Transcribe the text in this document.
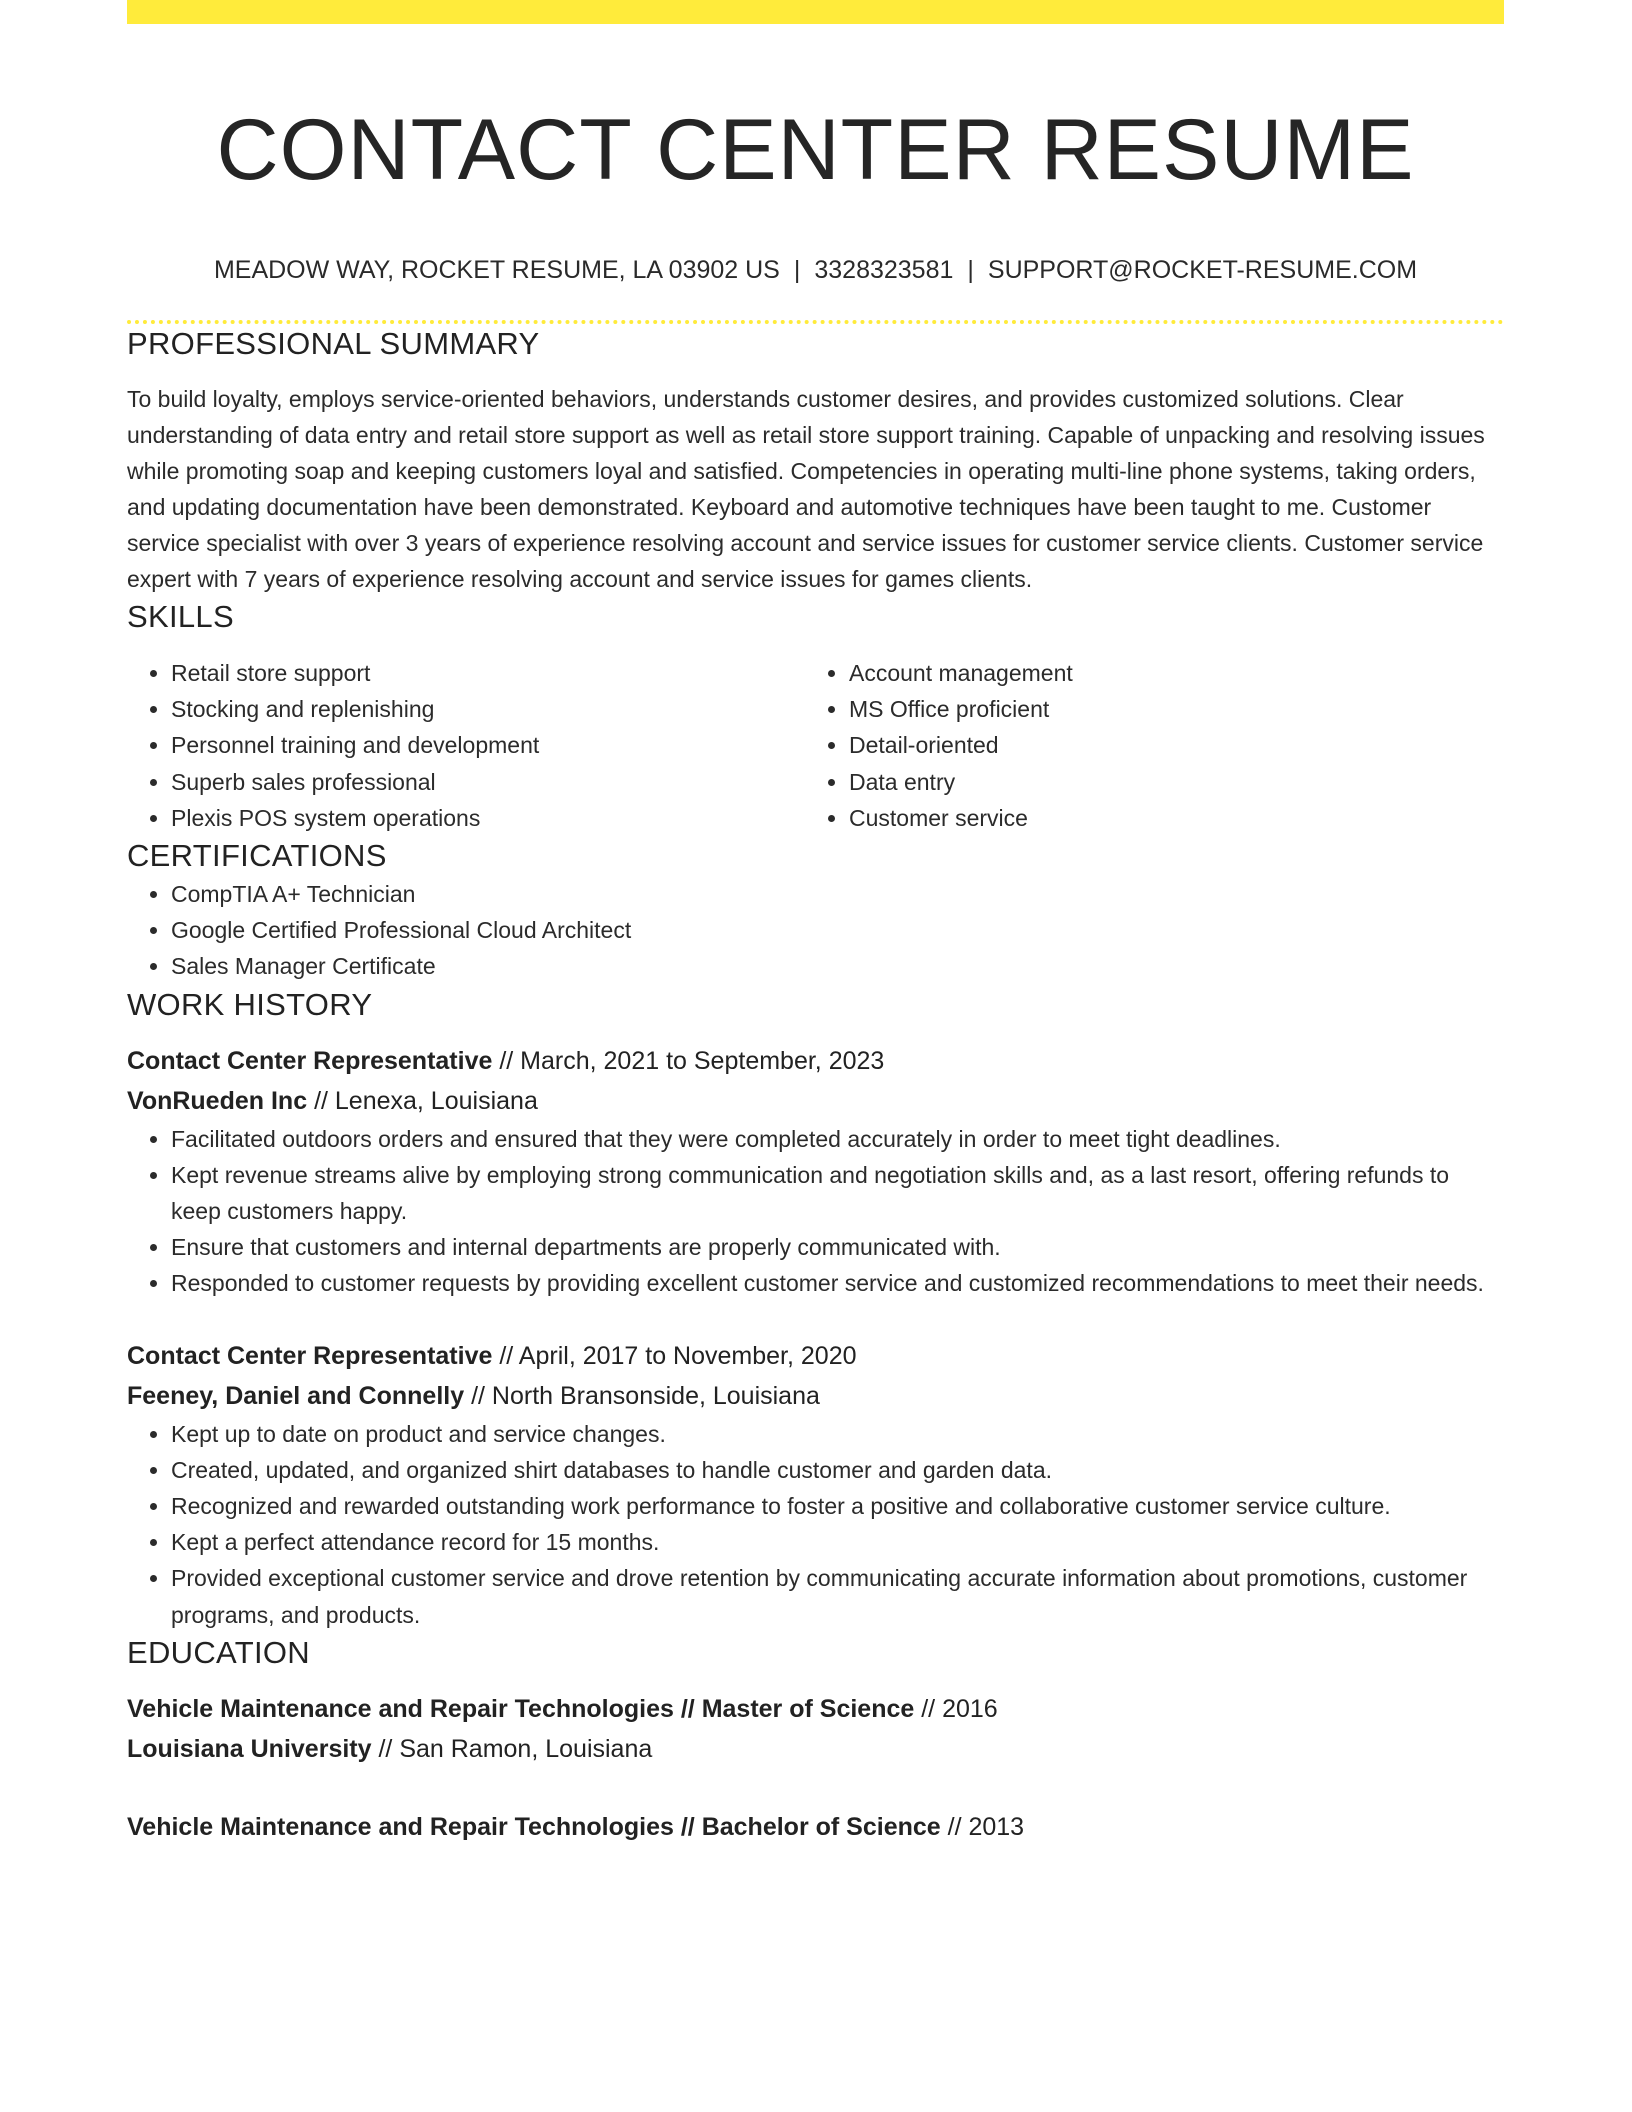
CONTACT CENTER RESUME
MEADOW WAY, ROCKET RESUME, LA 03902 US | 3328323581 | SUPPORT@ROCKET-RESUME.COM
PROFESSIONAL SUMMARY
To build loyalty, employs service-oriented behaviors, understands customer desires, and provides customized solutions. Clear understanding of data entry and retail store support as well as retail store support training. Capable of unpacking and resolving issues while promoting soap and keeping customers loyal and satisfied. Competencies in operating multi-line phone systems, taking orders, and updating documentation have been demonstrated. Keyboard and automotive techniques have been taught to me. Customer service specialist with over 3 years of experience resolving account and service issues for customer service clients. Customer service expert with 7 years of experience resolving account and service issues for games clients.
SKILLS
• Retail store support
• Stocking and replenishing
• Personnel training and development
• Superb sales professional
• Plexis POS system operations
• Account management
• MS Office proficient
• Detail-oriented
• Data entry
• Customer service
CERTIFICATIONS
• CompTIA A+ Technician
• Google Certified Professional Cloud Architect
• Sales Manager Certificate
WORK HISTORY
Contact Center Representative // March, 2021 to September, 2023
VonRueden Inc // Lenexa, Louisiana
• Facilitated outdoors orders and ensured that they were completed accurately in order to meet tight deadlines.
• Kept revenue streams alive by employing strong communication and negotiation skills and, as a last resort, offering refunds to keep customers happy.
• Ensure that customers and internal departments are properly communicated with.
• Responded to customer requests by providing excellent customer service and customized recommendations to meet their needs.
Contact Center Representative // April, 2017 to November, 2020
Feeney, Daniel and Connelly // North Bransonside, Louisiana
• Kept up to date on product and service changes.
• Created, updated, and organized shirt databases to handle customer and garden data.
• Recognized and rewarded outstanding work performance to foster a positive and collaborative customer service culture.
• Kept a perfect attendance record for 15 months.
• Provided exceptional customer service and drove retention by communicating accurate information about promotions, customer programs, and products.
EDUCATION
Vehicle Maintenance and Repair Technologies // Master of Science // 2016
Louisiana University // San Ramon, Louisiana
Vehicle Maintenance and Repair Technologies // Bachelor of Science // 2013
